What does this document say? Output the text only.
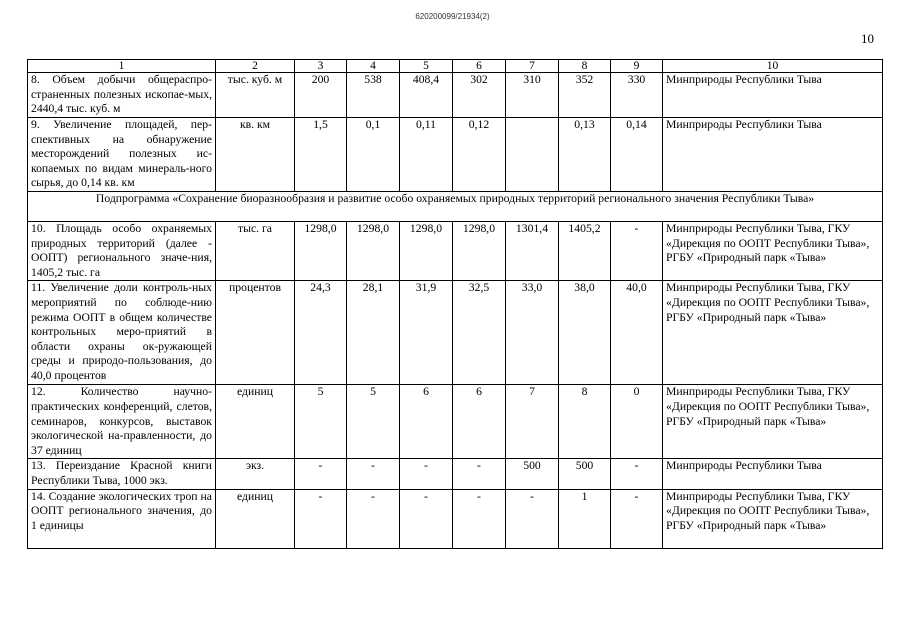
620200099/21934(2)
10
1	2	3	4	5	6	7	8	9	10
8. Объем добычи общераспро-страненных полезных ископае-мых, 2440,4 тыс. куб. м	тыс. куб. м	200	538	408,4	302	310	352	330	Минприроды Республики Тыва
9. Увеличение площадей, пер-спективных на обнаружение месторождений полезных ис-копаемых по видам минераль-ного сырья, до 0,14 кв. км	кв. км	1,5	0,1	0,11	0,12		0,13	0,14	Минприроды Республики Тыва
Подпрограмма «Сохранение биоразнообразия и развитие особо охраняемых природных территорий регионального значения Республики Тыва»									
10. Площадь особо охраняемых природных территорий (далее - ООПТ) регионального значе-ния, 1405,2 тыс. га	тыс. га	1298,0	1298,0	1298,0	1298,0	1301,4	1405,2	-	Минприроды Республики Тыва, ГКУ «Дирекция по ООПТ Республики Тыва», РГБУ «Природный парк «Тыва»
11. Увеличение доли контроль-ных мероприятий по соблюде-нию режима ООПТ в общем количестве контрольных меро-приятий в области охраны ок-ружающей среды и природо-пользования, до 40,0 процентов	процентов	24,3	28,1	31,9	32,5	33,0	38,0	40,0	Минприроды Республики Тыва, ГКУ «Дирекция по ООПТ Республики Тыва», РГБУ «Природный парк «Тыва»
12. Количество научно-практических конференций, слетов, семинаров, конкурсов, выставок экологической на-правленности, до 37 единиц	единиц	5	5	6	6	7	8	0	Минприроды Республики Тыва, ГКУ «Дирекция по ООПТ Республики Тыва», РГБУ «Природный парк «Тыва»
13. Переиздание Красной книги Республики Тыва, 1000 экз.	экз.	-	-	-	-	500	500	-	Минприроды Республики Тыва
14. Создание экологических троп на ООПТ регионального значения, до 1 единицы	единиц	-	-	-	-	-	1	-	Минприроды Республики Тыва, ГКУ «Дирекция по ООПТ Республики Тыва», РГБУ «Природный парк «Тыва»
